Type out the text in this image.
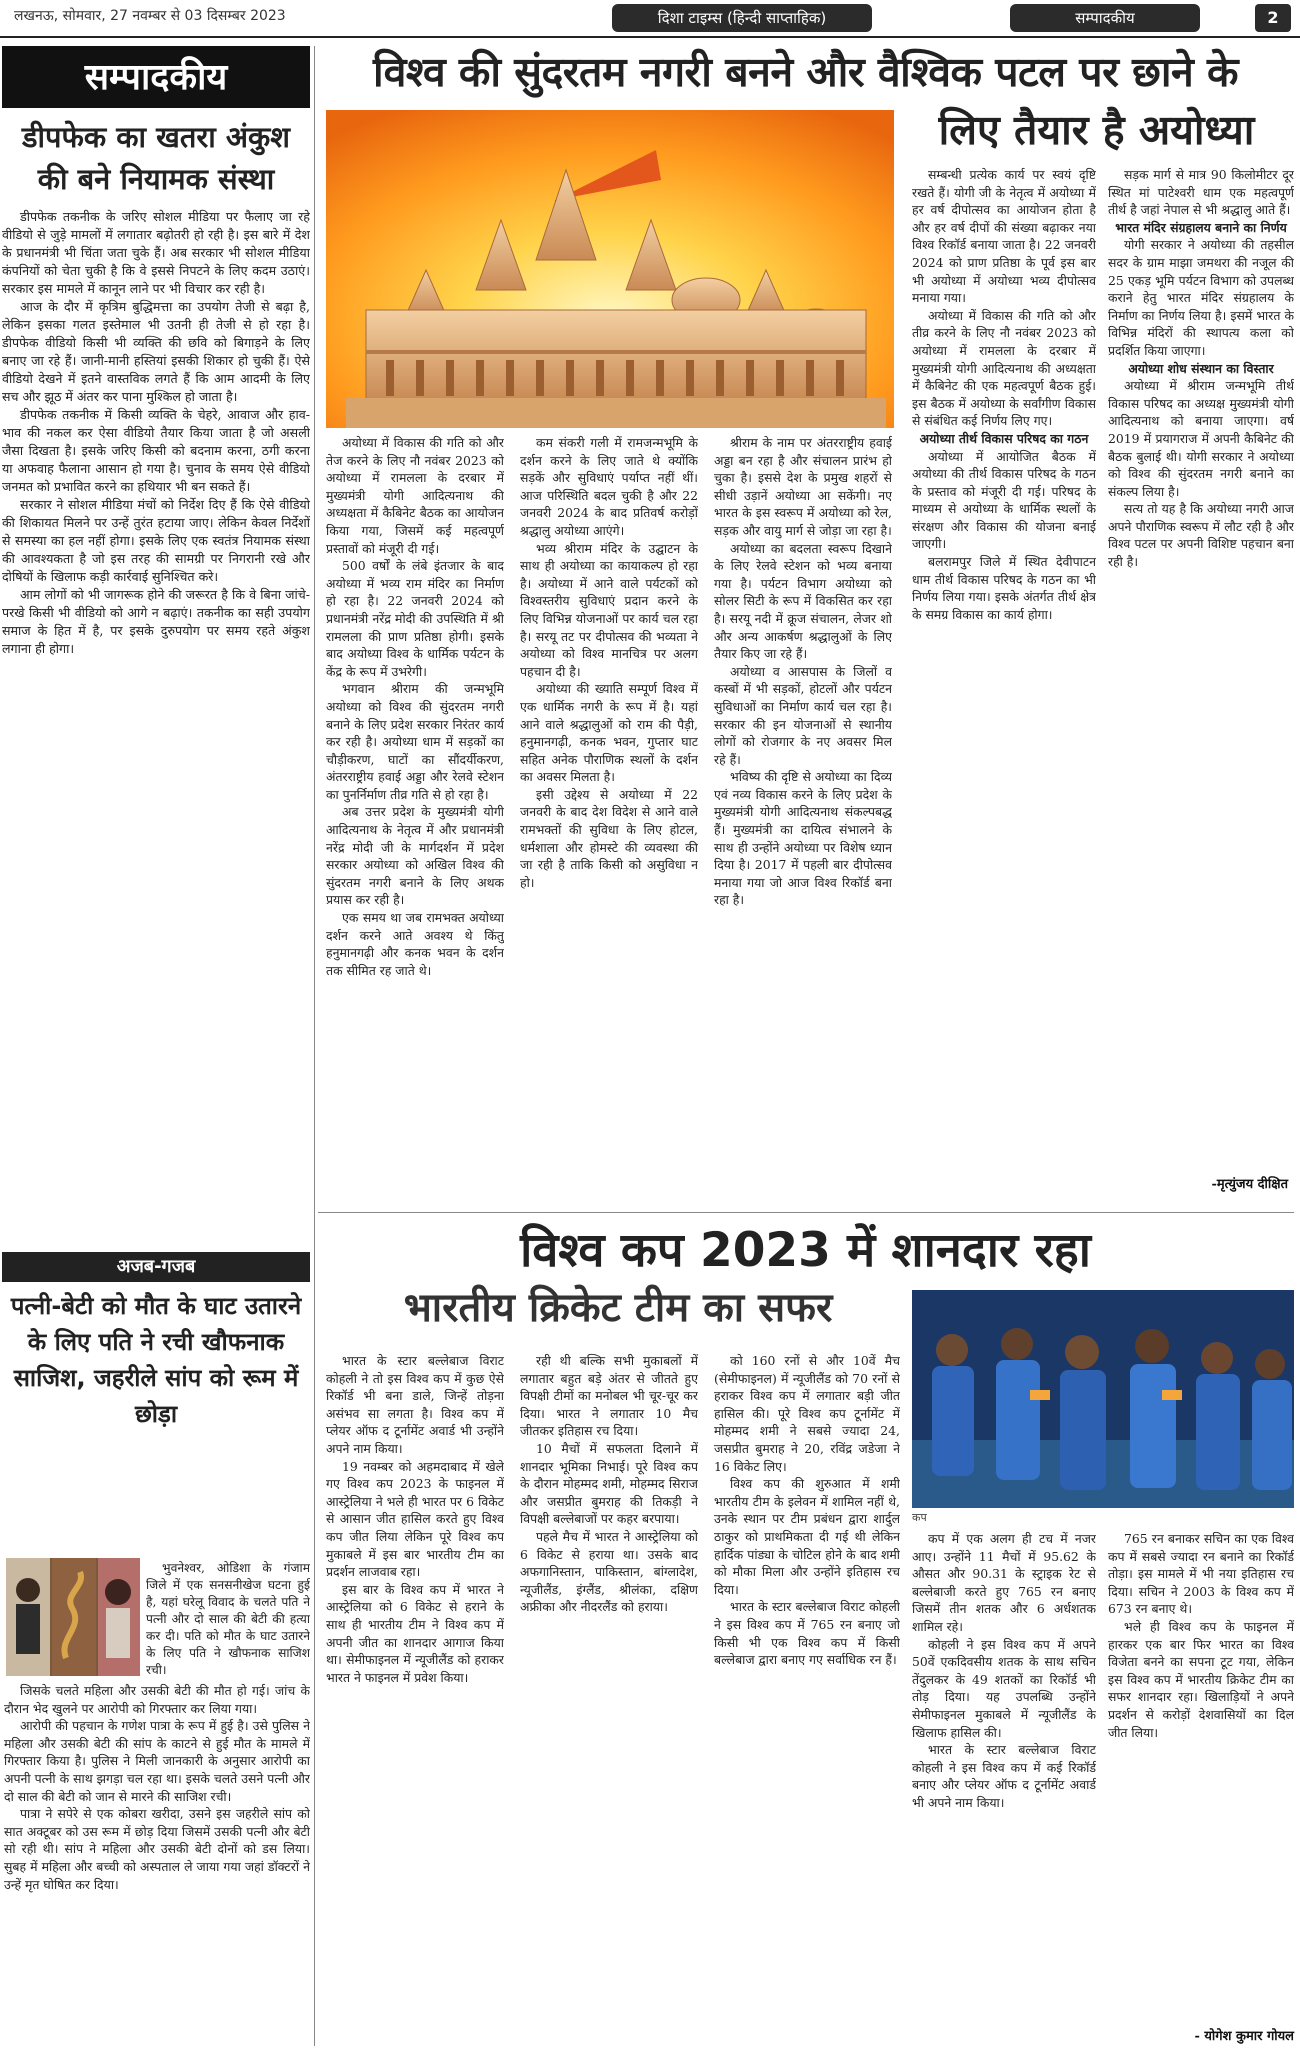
लखनऊ, सोमवार, 27 नवम्बर से 03 दिसम्बर 2023	दिशा टाइम्स (हिन्दी साप्ताहिक)	सम्पादकीय	2
सम्पादकीय
डीपफेक का खतरा अंकुश की बने नियामक संस्था

डीपफेक तकनीक के जरिए सोशल मीडिया पर फैलाए जा रहे वीडियो से जुड़े मामलों में लगातार बढ़ोतरी हो रही है। इस बारे में देश के प्रधानमंत्री भी चिंता जता चुके हैं। अब सरकार भी सोशल मीडिया कंपनियों को चेता चुकी है कि वे इससे निपटने के लिए कदम उठाएं। सरकार इस मामले में कानून लाने पर भी विचार कर रही है।

आज के दौर में कृत्रिम बुद्धिमत्ता का उपयोग तेजी से बढ़ा है, लेकिन इसका गलत इस्तेमाल भी उतनी ही तेजी से हो रहा है। डीपफेक वीडियो किसी भी व्यक्ति की छवि को बिगाड़ने के लिए बनाए जा रहे हैं। जानी-मानी हस्तियां इसकी शिकार हो चुकी हैं। ऐसे वीडियो देखने में इतने वास्तविक लगते हैं कि आम आदमी के लिए सच और झूठ में अंतर कर पाना मुश्किल हो जाता है।

डीपफेक तकनीक में किसी व्यक्ति के चेहरे, आवाज और हाव-भाव की नकल कर ऐसा वीडियो तैयार किया जाता है जो असली जैसा दिखता है। इसके जरिए किसी को बदनाम करना, ठगी करना या अफवाह फैलाना आसान हो गया है। चुनाव के समय ऐसे वीडियो जनमत को प्रभावित करने का हथियार भी बन सकते हैं।

सरकार ने सोशल मीडिया मंचों को निर्देश दिए हैं कि ऐसे वीडियो की शिकायत मिलने पर उन्हें तुरंत हटाया जाए। लेकिन केवल निर्देशों से समस्या का हल नहीं होगा। इसके लिए एक स्वतंत्र नियामक संस्था की आवश्यकता है जो इस तरह की सामग्री पर निगरानी रखे और दोषियों के खिलाफ कड़ी कार्रवाई सुनिश्चित करे।

आम लोगों को भी जागरूक होने की जरूरत है कि वे बिना जांचे-परखे किसी भी वीडियो को आगे न बढ़ाएं। तकनीक का सही उपयोग समाज के हित में है, पर इसके दुरुपयोग पर समय रहते अंकुश लगाना ही होगा।

अजब-गजब
पत्नी-बेटी को मौत के घाट उतारने के लिए पति ने रची खौफनाक साजिश, जहरीले सांप को रूम में छोड़ा

भुवनेश्वर, ओडिशा के गंजाम जिले में एक सनसनीखेज घटना हुई है, यहां घरेलू विवाद के चलते पति ने पत्नी और दो साल की बेटी की हत्या कर दी। पति को मौत के घाट उतारने के लिए पति ने खौफनाक साजिश रची।

जिसके चलते महिला और उसकी बेटी की मौत हो गई। जांच के दौरान भेद खुलने पर आरोपी को गिरफ्तार कर लिया गया।

आरोपी की पहचान के गणेश पात्रा के रूप में हुई है। उसे पुलिस ने महिला और उसकी बेटी की सांप के काटने से हुई मौत के मामले में गिरफ्तार किया है। पुलिस ने मिली जानकारी के अनुसार आरोपी का अपनी पत्नी के साथ झगड़ा चल रहा था। इसके चलते उसने पत्नी और दो साल की बेटी को जान से मारने की साजिश रची।

पात्रा ने सपेरे से एक कोबरा खरीदा, उसने इस जहरीले सांप को सात अक्टूबर को उस रूम में छोड़ दिया जिसमें उसकी पत्नी और बेटी सो रही थी। सांप ने महिला और उसकी बेटी दोनों को डस लिया। सुबह में महिला और बच्ची को अस्पताल ले जाया गया जहां डॉक्टरों ने उन्हें मृत घोषित कर दिया।

विश्व की सुंदरतम नगरी बनने और वैश्विक पटल पर छाने के
लिए तैयार है अयोध्या

अयोध्या में विकास की गति को और तेज करने के लिए नौ नवंबर 2023 को अयोध्या में रामलला के दरबार में मुख्यमंत्री योगी आदित्यनाथ की अध्यक्षता में कैबिनेट बैठक का आयोजन किया गया, जिसमें कई महत्वपूर्ण प्रस्तावों को मंजूरी दी गई।

500 वर्षों के लंबे इंतजार के बाद अयोध्या में भव्य राम मंदिर का निर्माण हो रहा है। 22 जनवरी 2024 को प्रधानमंत्री नरेंद्र मोदी की उपस्थिति में श्री रामलला की प्राण प्रतिष्ठा होगी। इसके बाद अयोध्या विश्व के धार्मिक पर्यटन के केंद्र के रूप में उभरेगी।

भगवान श्रीराम की जन्मभूमि अयोध्या को विश्व की सुंदरतम नगरी बनाने के लिए प्रदेश सरकार निरंतर कार्य कर रही है। अयोध्या धाम में सड़कों का चौड़ीकरण, घाटों का सौंदर्यीकरण, अंतरराष्ट्रीय हवाई अड्डा और रेलवे स्टेशन का पुनर्निर्माण तीव्र गति से हो रहा है।

अब उत्तर प्रदेश के मुख्यमंत्री योगी आदित्यनाथ के नेतृत्व में और प्रधानमंत्री नरेंद्र मोदी जी के मार्गदर्शन में प्रदेश सरकार अयोध्या को अखिल विश्व की सुंदरतम नगरी बनाने के लिए अथक प्रयास कर रही है।

एक समय था जब रामभक्त अयोध्या दर्शन करने आते अवश्य थे किंतु हनुमानगढ़ी और कनक भवन के दर्शन तक सीमित रह जाते थे।

कम संकरी गली में रामजन्मभूमि के दर्शन करने के लिए जाते थे क्योंकि सड़कें और सुविधाएं पर्याप्त नहीं थीं। आज परिस्थिति बदल चुकी है और 22 जनवरी 2024 के बाद प्रतिवर्ष करोड़ों श्रद्धालु अयोध्या आएंगे।

भव्य श्रीराम मंदिर के उद्घाटन के साथ ही अयोध्या का कायाकल्प हो रहा है। अयोध्या में आने वाले पर्यटकों को विश्वस्तरीय सुविधाएं प्रदान करने के लिए विभिन्न योजनाओं पर कार्य चल रहा है। सरयू तट पर दीपोत्सव की भव्यता ने अयोध्या को विश्व मानचित्र पर अलग पहचान दी है।

अयोध्या की ख्याति सम्पूर्ण विश्व में एक धार्मिक नगरी के रूप में है। यहां आने वाले श्रद्धालुओं को राम की पैड़ी, हनुमानगढ़ी, कनक भवन, गुप्तार घाट सहित अनेक पौराणिक स्थलों के दर्शन का अवसर मिलता है।

इसी उद्देश्य से अयोध्या में 22 जनवरी के बाद देश विदेश से आने वाले रामभक्तों की सुविधा के लिए होटल, धर्मशाला और होमस्टे की व्यवस्था की जा रही है ताकि किसी को असुविधा न हो।

श्रीराम के नाम पर अंतरराष्ट्रीय हवाई अड्डा बन रहा है और संचालन प्रारंभ हो चुका है। इससे देश के प्रमुख शहरों से सीधी उड़ानें अयोध्या आ सकेंगी। नए भारत के इस स्वरूप में अयोध्या को रेल, सड़क और वायु मार्ग से जोड़ा जा रहा है।

अयोध्या का बदलता स्वरूप दिखाने के लिए रेलवे स्टेशन को भव्य बनाया गया है। पर्यटन विभाग अयोध्या को सोलर सिटी के रूप में विकसित कर रहा है। सरयू नदी में क्रूज संचालन, लेजर शो और अन्य आकर्षण श्रद्धालुओं के लिए तैयार किए जा रहे हैं।

अयोध्या व आसपास के जिलों व कस्बों में भी सड़कों, होटलों और पर्यटन सुविधाओं का निर्माण कार्य चल रहा है। सरकार की इन योजनाओं से स्थानीय लोगों को रोजगार के नए अवसर मिल रहे हैं।

भविष्य की दृष्टि से अयोध्या का दिव्य एवं नव्य विकास करने के लिए प्रदेश के मुख्यमंत्री योगी आदित्यनाथ संकल्पबद्ध हैं। मुख्यमंत्री का दायित्व संभालने के साथ ही उन्होंने अयोध्या पर विशेष ध्यान दिया है। 2017 में पहली बार दीपोत्सव मनाया गया जो आज विश्व रिकॉर्ड बना रहा है।

सम्बन्धी प्रत्येक कार्य पर स्वयं दृष्टि रखते हैं। योगी जी के नेतृत्व में अयोध्या में हर वर्ष दीपोत्सव का आयोजन होता है और हर वर्ष दीपों की संख्या बढ़ाकर नया विश्व रिकॉर्ड बनाया जाता है। 22 जनवरी 2024 को प्राण प्रतिष्ठा के पूर्व इस बार भी अयोध्या में अयोध्या भव्य दीपोत्सव मनाया गया।

अयोध्या में विकास की गति को और तीव्र करने के लिए नौ नवंबर 2023 को अयोध्या में रामलला के दरबार में मुख्यमंत्री योगी आदित्यनाथ की अध्यक्षता में कैबिनेट की एक महत्वपूर्ण बैठक हुई। इस बैठक में अयोध्या के सर्वांगीण विकास से संबंधित कई निर्णय लिए गए।

अयोध्या तीर्थ विकास परिषद का गठन

अयोध्या में आयोजित बैठक में अयोध्या की तीर्थ विकास परिषद के गठन के प्रस्ताव को मंजूरी दी गई। परिषद के माध्यम से अयोध्या के धार्मिक स्थलों के संरक्षण और विकास की योजना बनाई जाएगी।

बलरामपुर जिले में स्थित देवीपाटन धाम तीर्थ विकास परिषद के गठन का भी निर्णय लिया गया। इसके अंतर्गत तीर्थ क्षेत्र के समग्र विकास का कार्य होगा।

सड़क मार्ग से मात्र 90 किलोमीटर दूर स्थित मां पाटेश्वरी धाम एक महत्वपूर्ण तीर्थ है जहां नेपाल से भी श्रद्धालु आते हैं।

भारत मंदिर संग्रहालय बनाने का निर्णय

योगी सरकार ने अयोध्या की तहसील सदर के ग्राम माझा जमथरा की नजूल की 25 एकड़ भूमि पर्यटन विभाग को उपलब्ध कराने हेतु भारत मंदिर संग्रहालय के निर्माण का निर्णय लिया है। इसमें भारत के विभिन्न मंदिरों की स्थापत्य कला को प्रदर्शित किया जाएगा।

अयोध्या शोध संस्थान का विस्तार

अयोध्या में श्रीराम जन्मभूमि तीर्थ विकास परिषद का अध्यक्ष मुख्यमंत्री योगी आदित्यनाथ को बनाया जाएगा। वर्ष 2019 में प्रयागराज में अपनी कैबिनेट की बैठक बुलाई थी। योगी सरकार ने अयोध्या को विश्व की सुंदरतम नगरी बनाने का संकल्प लिया है।

सत्य तो यह है कि अयोध्या नगरी आज अपने पौराणिक स्वरूप में लौट रही है और विश्व पटल पर अपनी विशिष्ट पहचान बना रही है।

-मृत्युंजय दीक्षित
विश्व कप 2023 में शानदार रहा
भारतीय क्रिकेट टीम का सफर
कप

भारत के स्टार बल्लेबाज विराट कोहली ने तो इस विश्व कप में कुछ ऐसे रिकॉर्ड भी बना डाले, जिन्हें तोड़ना असंभव सा लगता है। विश्व कप में प्लेयर ऑफ द टूर्नामेंट अवार्ड भी उन्होंने अपने नाम किया।

19 नवम्बर को अहमदाबाद में खेले गए विश्व कप 2023 के फाइनल में आस्ट्रेलिया ने भले ही भारत पर 6 विकेट से आसान जीत हासिल करते हुए विश्व कप जीत लिया लेकिन पूरे विश्व कप मुकाबले में इस बार भारतीय टीम का प्रदर्शन लाजवाब रहा।

इस बार के विश्व कप में भारत ने आस्ट्रेलिया को 6 विकेट से हराने के साथ ही भारतीय टीम ने विश्व कप में अपनी जीत का शानदार आगाज किया था। सेमीफाइनल में न्यूजीलैंड को हराकर भारत ने फाइनल में प्रवेश किया।

रही थी बल्कि सभी मुकाबलों में लगातार बहुत बड़े अंतर से जीतते हुए विपक्षी टीमों का मनोबल भी चूर-चूर कर दिया। भारत ने लगातार 10 मैच जीतकर इतिहास रच दिया।

10 मैचों में सफलता दिलाने में शानदार भूमिका निभाई। पूरे विश्व कप के दौरान मोहम्मद शमी, मोहम्मद सिराज और जसप्रीत बुमराह की तिकड़ी ने विपक्षी बल्लेबाजों पर कहर बरपाया।

पहले मैच में भारत ने आस्ट्रेलिया को 6 विकेट से हराया था। उसके बाद अफगानिस्तान, पाकिस्तान, बांग्लादेश, न्यूजीलैंड, इंग्लैंड, श्रीलंका, दक्षिण अफ्रीका और नीदरलैंड को हराया।

को 160 रनों से और 10वें मैच (सेमीफाइनल) में न्यूजीलैंड को 70 रनों से हराकर विश्व कप में लगातार बड़ी जीत हासिल की। पूरे विश्व कप टूर्नामेंट में मोहम्मद शमी ने सबसे ज्यादा 24, जसप्रीत बुमराह ने 20, रविंद्र जडेजा ने 16 विकेट लिए।

विश्व कप की शुरुआत में शमी भारतीय टीम के इलेवन में शामिल नहीं थे, उनके स्थान पर टीम प्रबंधन द्वारा शार्दुल ठाकुर को प्राथमिकता दी गई थी लेकिन हार्दिक पांड्या के चोटिल होने के बाद शमी को मौका मिला और उन्होंने इतिहास रच दिया।

भारत के स्टार बल्लेबाज विराट कोहली ने इस विश्व कप में 765 रन बनाए जो किसी भी एक विश्व कप में किसी बल्लेबाज द्वारा बनाए गए सर्वाधिक रन हैं।

कप में एक अलग ही टच में नजर आए। उन्होंने 11 मैचों में 95.62 के औसत और 90.31 के स्ट्राइक रेट से बल्लेबाजी करते हुए 765 रन बनाए जिसमें तीन शतक और 6 अर्धशतक शामिल रहे।

कोहली ने इस विश्व कप में अपने 50वें एकदिवसीय शतक के साथ सचिन तेंदुलकर के 49 शतकों का रिकॉर्ड भी तोड़ दिया। यह उपलब्धि उन्होंने सेमीफाइनल मुकाबले में न्यूजीलैंड के खिलाफ हासिल की।

भारत के स्टार बल्लेबाज विराट कोहली ने इस विश्व कप में कई रिकॉर्ड बनाए और प्लेयर ऑफ द टूर्नामेंट अवार्ड भी अपने नाम किया।

765 रन बनाकर सचिन का एक विश्व कप में सबसे ज्यादा रन बनाने का रिकॉर्ड तोड़ा। इस मामले में भी नया इतिहास रच दिया। सचिन ने 2003 के विश्व कप में 673 रन बनाए थे।

भले ही विश्व कप के फाइनल में हारकर एक बार फिर भारत का विश्व विजेता बनने का सपना टूट गया, लेकिन इस विश्व कप में भारतीय क्रिकेट टीम का सफर शानदार रहा। खिलाड़ियों ने अपने प्रदर्शन से करोड़ों देशवासियों का दिल जीत लिया।

- योगेश कुमार गोयल
